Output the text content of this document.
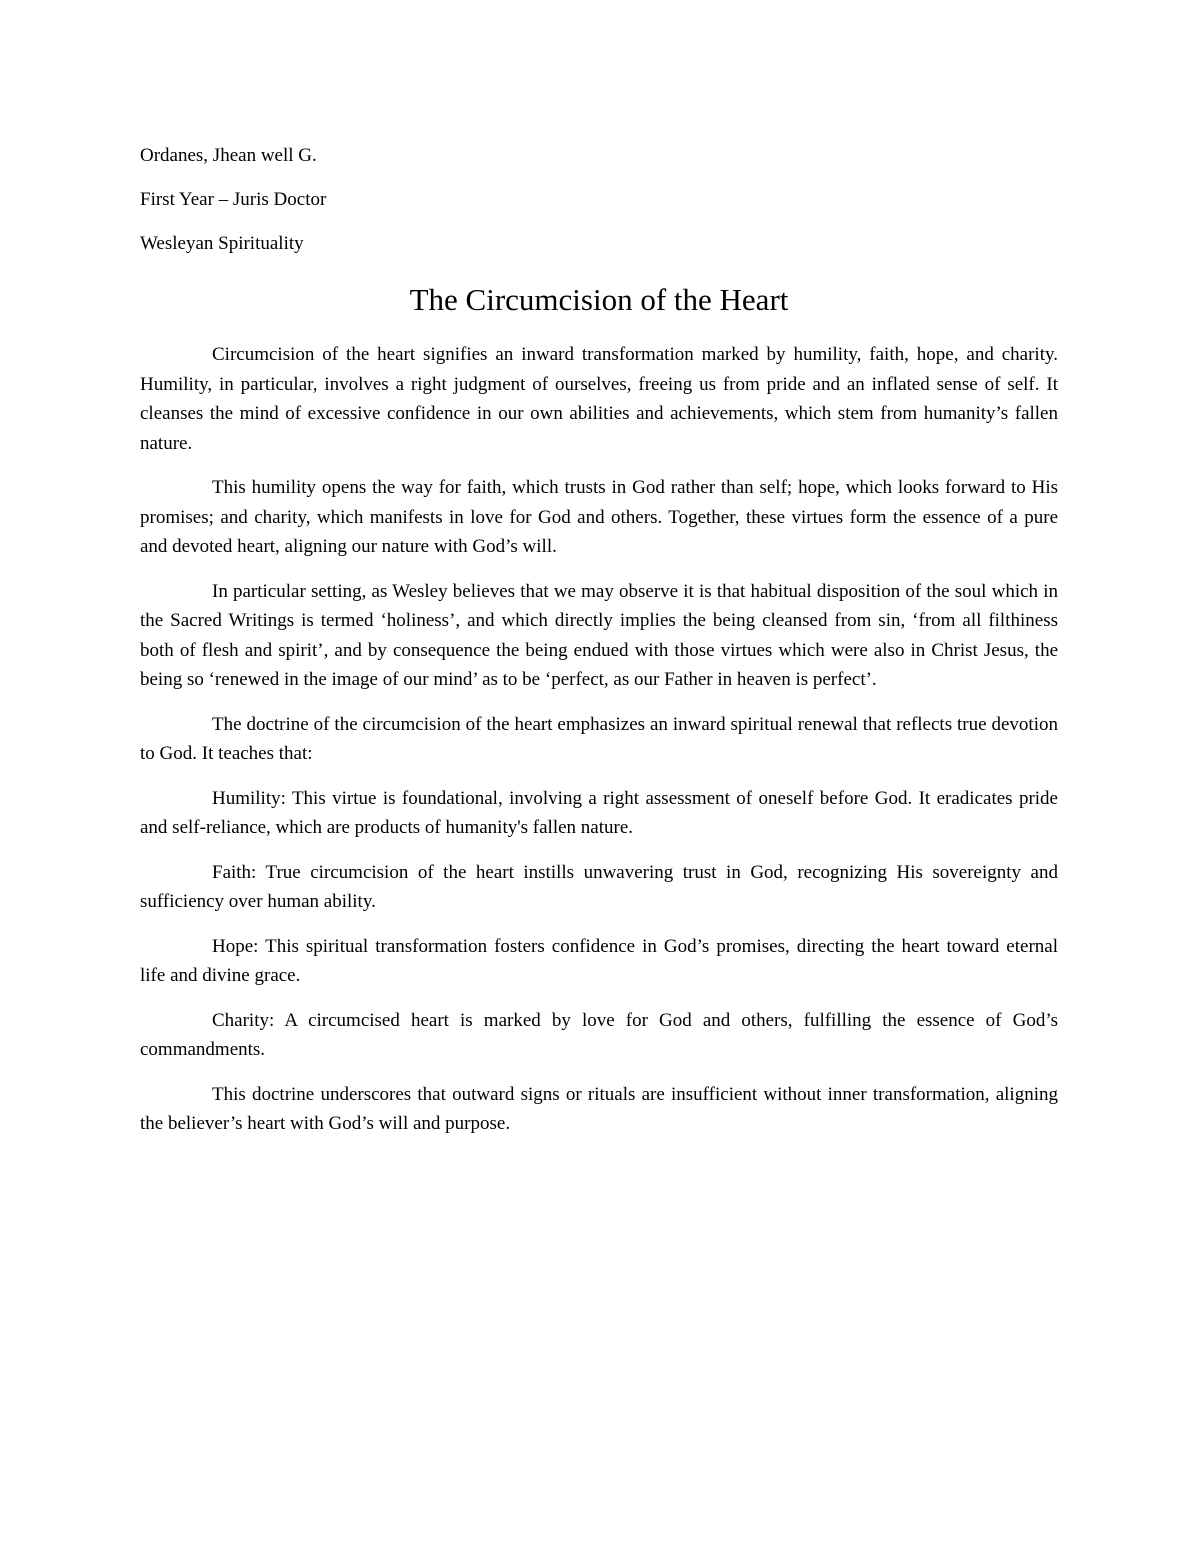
Ordanes, Jhean well G.

First Year – Juris Doctor

Wesleyan Spirituality

The Circumcision of the Heart

Circumcision of the heart signifies an inward transformation marked by humility, faith, hope, and charity. Humility, in particular, involves a right judgment of ourselves, freeing us from pride and an inflated sense of self. It cleanses the mind of excessive confidence in our own abilities and achievements, which stem from humanity’s fallen nature.

This humility opens the way for faith, which trusts in God rather than self; hope, which looks forward to His promises; and charity, which manifests in love for God and others. Together, these virtues form the essence of a pure and devoted heart, aligning our nature with God’s will.

In particular setting, as Wesley believes that we may observe it is that habitual disposition of the soul which in the Sacred Writings is termed ‘holiness’, and which directly implies the being cleansed from sin, ‘from all filthiness both of flesh and spirit’, and by consequence the being endued with those virtues which were also in Christ Jesus, the being so ‘renewed in the image of our mind’ as to be ‘perfect, as our Father in heaven is perfect’.

The doctrine of the circumcision of the heart emphasizes an inward spiritual renewal that reflects true devotion to God. It teaches that:

Humility: This virtue is foundational, involving a right assessment of oneself before God. It eradicates pride and self-reliance, which are products of humanity's fallen nature.

Faith: True circumcision of the heart instills unwavering trust in God, recognizing His sovereignty and sufficiency over human ability.

Hope: This spiritual transformation fosters confidence in God’s promises, directing the heart toward eternal life and divine grace.

Charity: A circumcised heart is marked by love for God and others, fulfilling the essence of God’s commandments.

This doctrine underscores that outward signs or rituals are insufficient without inner transformation, aligning the believer’s heart with God’s will and purpose.
